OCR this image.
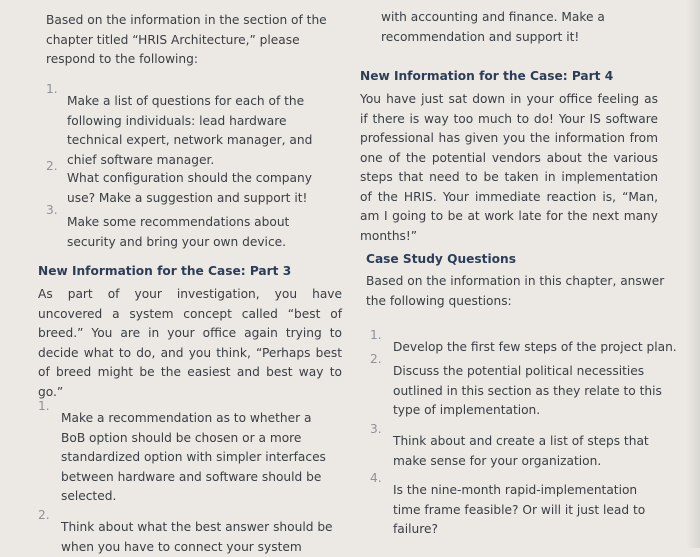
Based on the information in the section of the chapter titled “HRIS Architecture,” please respond to the following:

1.

Make a list of questions for each of the following individuals: lead hardware technical expert, network manager, and chief software manager.

2.

What configuration should the company use? Make a suggestion and support it!

3.

Make some recommendations about security and bring your own device.

New Information for the Case: Part 3

As part of your investigation, you have uncovered a system concept called “best of breed.” You are in your office again trying to decide what to do, and you think, “Perhaps best of breed might be the easiest and best way to go.”

1.

Make a recommendation as to whether a BoB option should be chosen or a more standardized option with simpler interfaces between hardware and software should be selected.

2.

Think about what the best answer should be when you have to connect your system

with accounting and finance. Make a recommendation and support it!

New Information for the Case: Part 4

You have just sat down in your office feeling as if there is way too much to do! Your IS software professional has given you the information from one of the potential vendors about the various steps that need to be taken in implementation of the HRIS. Your immediate reaction is, “Man, am I going to be at work late for the next many months!”

Case Study Questions

Based on the information in this chapter, answer the following questions:

1.

Develop the first few steps of the project plan.

2.

Discuss the potential political necessities outlined in this section as they relate to this type of implementation.

3.

Think about and create a list of steps that make sense for your organization.

4.

Is the nine-month rapid-implementation time frame feasible? Or will it just lead to failure?
